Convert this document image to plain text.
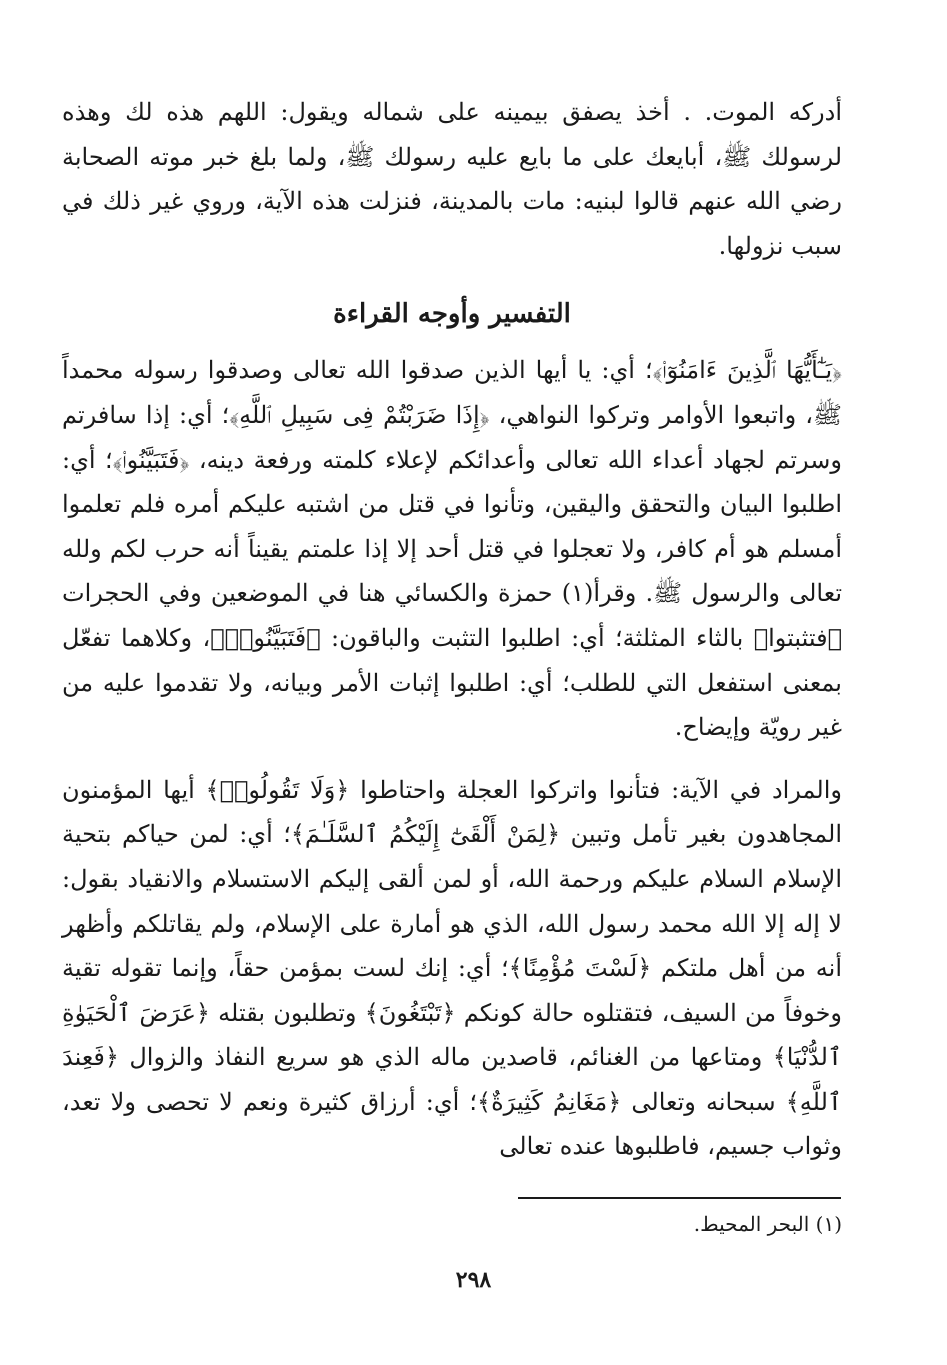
أدركه الموت. . أخذ يصفق بيمينه على شماله ويقول: اللهم هذه لك وهذه لرسولك ﷺ، أبايعك على ما بايع عليه رسولك ﷺ، ولما بلغ خبر موته الصحابة رضي الله عنهم قالوا لبنيه: مات بالمدينة، فنزلت هذه الآية، وروي غير ذلك في سبب نزولها.

التفسير وأوجه القراءة

﴿يَـٰٓأَيُّهَا ٱلَّذِينَ ءَامَنُوٓا۟﴾؛ أي: يا أيها الذين صدقوا الله تعالى وصدقوا رسوله محمداً ﷺ، واتبعوا الأوامر وتركوا النواهي، ﴿إِذَا ضَرَبْتُمْ فِى سَبِيلِ ٱللَّهِ﴾؛ أي: إذا سافرتم وسرتم لجهاد أعداء الله تعالى وأعدائكم لإعلاء كلمته ورفعة دينه، ﴿فَتَبَيَّنُوا۟﴾؛ أي: اطلبوا البيان والتحقق واليقين، وتأنوا في قتل من اشتبه عليكم أمره فلم تعلموا أمسلم هو أم كافر، ولا تعجلوا في قتل أحد إلا إذا علمتم يقيناً أنه حرب لكم ولله تعالى والرسول ﷺ. وقرأ(١) حمزة والكسائي هنا في الموضعين وفي الحجرات ﴿فتثبتوا﴾ بالثاء المثلثة؛ أي: اطلبوا التثبت والباقون: ﴿فَتَبَيَّنُوا۟﴾، وكلاهما تفعّل بمعنى استفعل التي للطلب؛ أي: اطلبوا إثبات الأمر وبيانه، ولا تقدموا عليه من غير رويّة وإيضاح.

والمراد في الآية: فتأنوا واتركوا العجلة واحتاطوا ﴿وَلَا تَقُولُوا۟﴾ أيها المؤمنون المجاهدون بغير تأمل وتبين ﴿لِمَنْ أَلْقَىٰٓ إِلَيْكُمُ ٱلسَّلَـٰمَ﴾؛ أي: لمن حياكم بتحية الإسلام السلام عليكم ورحمة الله، أو لمن ألقى إليكم الاستسلام والانقياد بقول: لا إله إلا الله محمد رسول الله، الذي هو أمارة على الإسلام، ولم يقاتلكم وأظهر أنه من أهل ملتكم ﴿لَسْتَ مُؤْمِنًا﴾؛ أي: إنك لست بمؤمن حقاً، وإنما تقوله تقية وخوفاً من السيف، فتقتلوه حالة كونكم ﴿تَبْتَغُونَ﴾ وتطلبون بقتله ﴿عَرَضَ ٱلْحَيَوٰةِ ٱلدُّنْيَا﴾ ومتاعها من الغنائم، قاصدين ماله الذي هو سريع النفاذ والزوال ﴿فَعِندَ ٱللَّهِ﴾ سبحانه وتعالى ﴿مَغَانِمُ كَثِيرَةٌ﴾؛ أي: أرزاق كثيرة ونعم لا تحصى ولا تعد، وثواب جسيم، فاطلبوها عنده تعالى

(١) البحر المحيط.

٢٩٨
